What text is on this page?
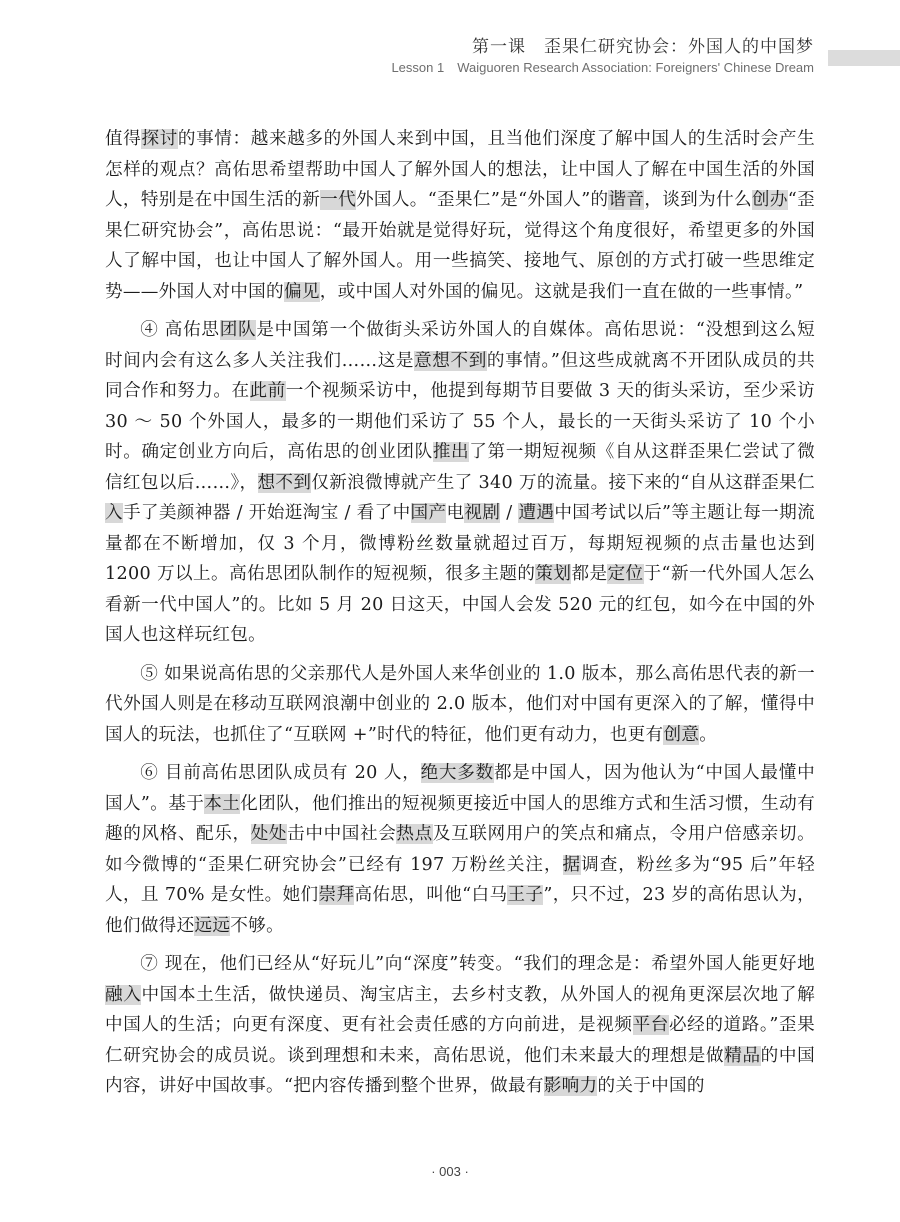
第一课　歪果仁研究协会：外国人的中国梦
Lesson 1　Waiguoren Research Association: Foreigners' Chinese Dream

值得探讨的事情：越来越多的外国人来到中国，且当他们深度了解中国人的生活时会产生怎样的观点？高佑思希望帮助中国人了解外国人的想法，让中国人了解在中国生活的外国人，特别是在中国生活的新一代外国人。“歪果仁”是“外国人”的谐音，谈到为什么创办“歪果仁研究协会”，高佑思说：“最开始就是觉得好玩，觉得这个角度很好，希望更多的外国人了解中国，也让中国人了解外国人。用一些搞笑、接地气、原创的方式打破一些思维定势——外国人对中国的偏见，或中国人对外国的偏见。这就是我们一直在做的一些事情。”

④ 高佑思团队是中国第一个做街头采访外国人的自媒体。高佑思说：“没想到这么短时间内会有这么多人关注我们……这是意想不到的事情。”但这些成就离不开团队成员的共同合作和努力。在此前一个视频采访中，他提到每期节目要做 3 天的街头采访，至少采访 30 ～ 50 个外国人，最多的一期他们采访了 55 个人，最长的一天街头采访了 10 个小时。确定创业方向后，高佑思的创业团队推出了第一期短视频《自从这群歪果仁尝试了微信红包以后……》，想不到仅新浪微博就产生了 340 万的流量。接下来的“自从这群歪果仁入手了美颜神器 / 开始逛淘宝 / 看了中国产电视剧 / 遭遇中国考试以后”等主题让每一期流量都在不断增加，仅 3 个月，微博粉丝数量就超过百万，每期短视频的点击量也达到 1200 万以上。高佑思团队制作的短视频，很多主题的策划都是定位于“新一代外国人怎么看新一代中国人”的。比如 5 月 20 日这天，中国人会发 520 元的红包，如今在中国的外国人也这样玩红包。

⑤ 如果说高佑思的父亲那代人是外国人来华创业的 1.0 版本，那么高佑思代表的新一代外国人则是在移动互联网浪潮中创业的 2.0 版本，他们对中国有更深入的了解，懂得中国人的玩法，也抓住了“互联网 +”时代的特征，他们更有动力，也更有创意。

⑥ 目前高佑思团队成员有 20 人，绝大多数都是中国人，因为他认为“中国人最懂中国人”。基于本土化团队，他们推出的短视频更接近中国人的思维方式和生活习惯，生动有趣的风格、配乐，处处击中中国社会热点及互联网用户的笑点和痛点，令用户倍感亲切。如今微博的“歪果仁研究协会”已经有 197 万粉丝关注，据调查，粉丝多为“95 后”年轻人，且 70% 是女性。她们崇拜高佑思，叫他“白马王子”，只不过，23 岁的高佑思认为，他们做得还远远不够。

⑦ 现在，他们已经从“好玩儿”向“深度”转变。“我们的理念是：希望外国人能更好地融入中国本土生活，做快递员、淘宝店主，去乡村支教，从外国人的视角更深层次地了解中国人的生活；向更有深度、更有社会责任感的方向前进，是视频平台必经的道路。”歪果仁研究协会的成员说。谈到理想和未来，高佑思说，他们未来最大的理想是做精品的中国内容，讲好中国故事。“把内容传播到整个世界，做最有影响力的关于中国的

· 003 ·
